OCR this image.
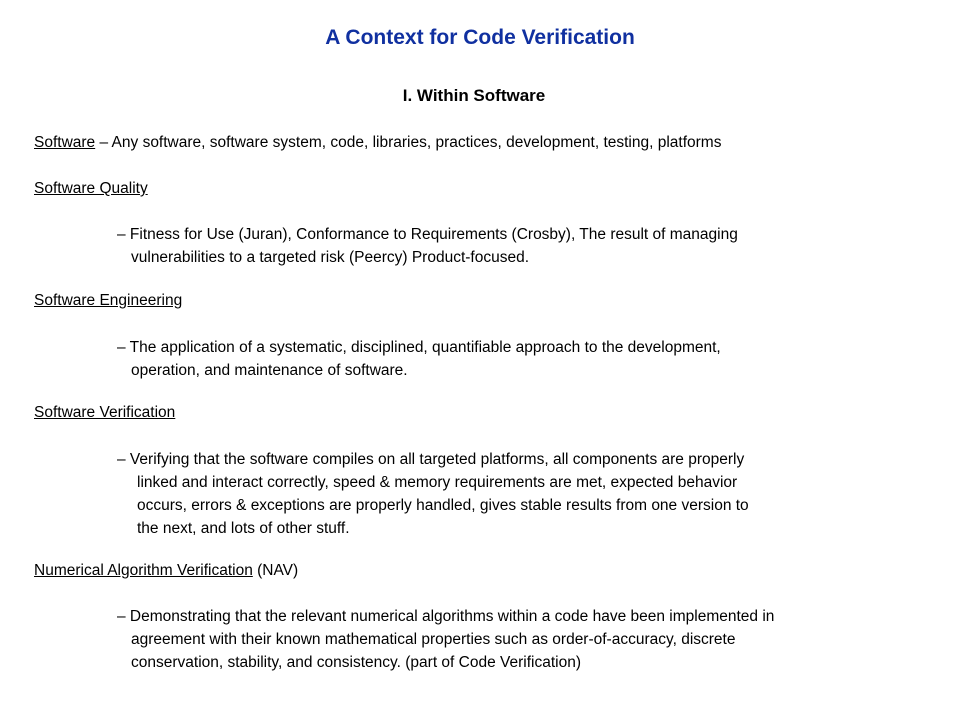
A Context for Code Verification
I. Within Software
Software – Any software, software system, code, libraries, practices, development, testing, platforms
Software Quality
– Fitness for Use (Juran), Conformance to Requirements (Crosby), The result of managing
vulnerabilities to a targeted risk (Peercy) Product-focused.
Software Engineering
– The application of a systematic, disciplined, quantifiable approach to the development,
operation, and maintenance of software.
Software Verification
– Verifying that the software compiles on all targeted platforms, all components are properly
linked and interact correctly, speed & memory requirements are met, expected behavior
occurs, errors & exceptions are properly handled, gives stable results from one version to
the next, and lots of other stuff.
Numerical Algorithm Verification (NAV)
– Demonstrating that the relevant numerical algorithms within a code have been implemented in
agreement with their known mathematical properties such as order-of-accuracy, discrete
conservation, stability, and consistency. (part of Code Verification)
